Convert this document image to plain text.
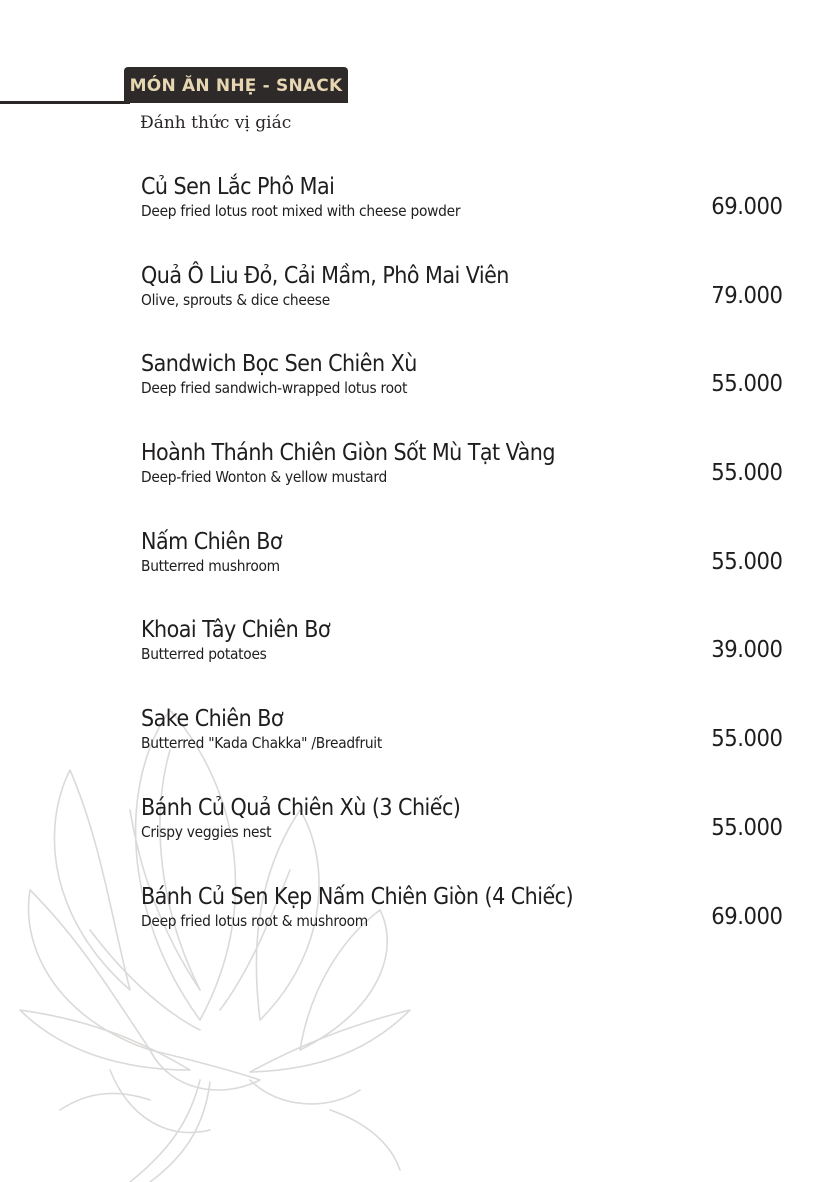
MÓN ĂN NHẸ - SNACK
Đánh thức vị giác
Củ Sen Lắc Phô Mai
Deep fried lotus root mixed with cheese powder	69.000
Quả Ô Liu Đỏ, Cải Mầm, Phô Mai Viên
Olive, sprouts & dice cheese	79.000
Sandwich Bọc Sen Chiên Xù
Deep fried sandwich-wrapped lotus root	55.000
Hoành Thánh Chiên Giòn Sốt Mù Tạt Vàng
Deep-fried Wonton & yellow mustard	55.000
Nấm Chiên Bơ
Butterred mushroom	55.000
Khoai Tây Chiên Bơ
Butterred potatoes	39.000
Sake Chiên Bơ
Butterred "Kada Chakka" /Breadfruit	55.000
Bánh Củ Quả Chiên Xù (3 Chiếc)
Crispy veggies nest	55.000
Bánh Củ Sen Kẹp Nấm Chiên Giòn (4 Chiếc)
Deep fried lotus root & mushroom	69.000
